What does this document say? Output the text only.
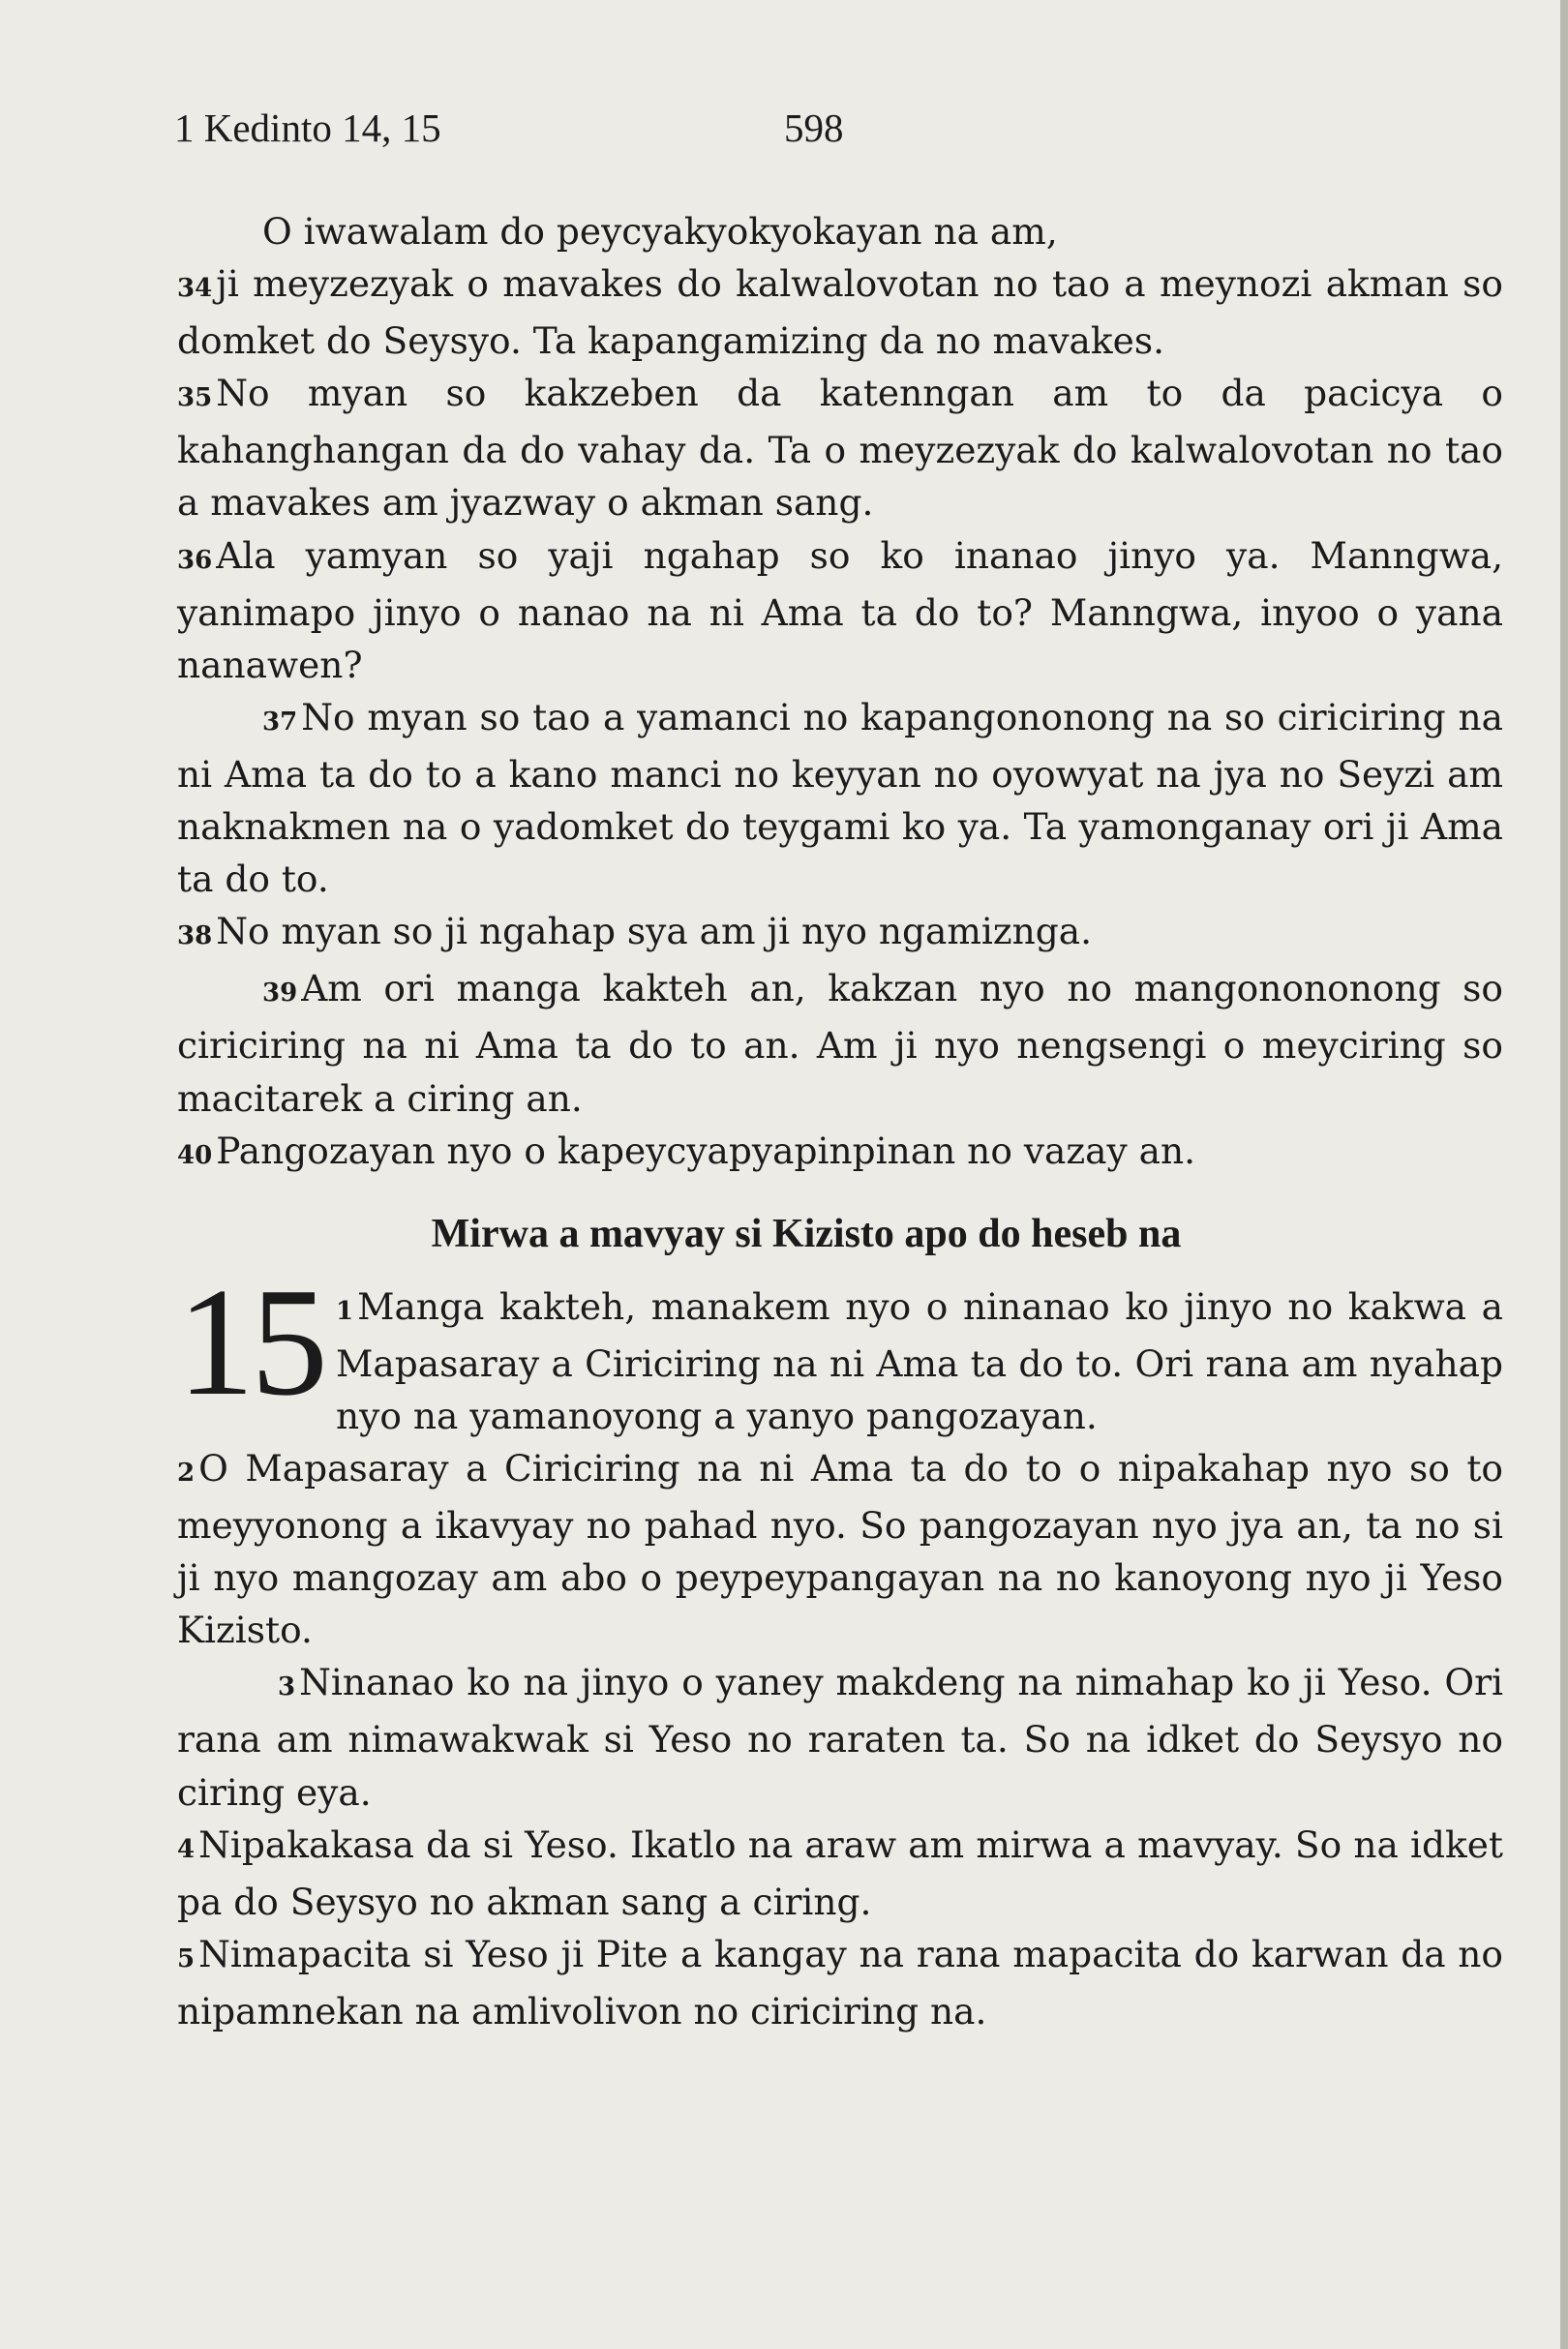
1 Kedinto 14, 15	598

O iwawalam do peycyakyokyokayan na am,

34 ji meyzezyak o mavakes do kalwalovotan no tao a meynozi akman so domket do Seysyo. Ta kapangamizing da no mavakes.

35 No myan so kakzeben da katenngan am to da pacicya o kahanghangan da do vahay da. Ta o meyzezyak do kalwalovotan no tao a mavakes am jyazway o akman sang.

36 Ala yamyan so yaji ngahap so ko inanao jinyo ya. Manngwa, yanimapo jinyo o nanao na ni Ama ta do to? Manngwa, inyoo o yana nanawen?

37 No myan so tao a yamanci no kapangononong na so ciriciring na ni Ama ta do to a kano manci no keyyan no oyowyat na jya no Seyzi am naknakmen na o yadomket do teygami ko ya. Ta yamonganay ori ji Ama ta do to.

38 No myan so ji ngahap sya am ji nyo ngamiznga.

39 Am ori manga kakteh an, kakzan nyo no mangonononong so ciriciring na ni Ama ta do to an. Am ji nyo nengsengi o meyciring so macitarek a ciring an.

40 Pangozayan nyo o kapeycyapyapinpinan no vazay an.

Mirwa a mavyay si Kizisto apo do heseb na

15 1 Manga kakteh, manakem nyo o ninanao ko jinyo no kakwa a Mapasaray a Ciriciring na ni Ama ta do to. Ori rana am nyahap nyo na yamanoyong a yanyo pangozayan.

2 O Mapasaray a Ciriciring na ni Ama ta do to o nipakahap nyo so to meyyonong a ikavyay no pahad nyo. So pangozayan nyo jya an, ta no si ji nyo mangozay am abo o peypeypangayan na no kanoyong nyo ji Yeso Kizisto.

3 Ninanao ko na jinyo o yaney makdeng na nimahap ko ji Yeso. Ori rana am nimawakwak si Yeso no raraten ta. So na idket do Seysyo no ciring eya.

4 Nipakakasa da si Yeso. Ikatlo na araw am mirwa a mavyay. So na idket pa do Seysyo no akman sang a ciring.

5 Nimapacita si Yeso ji Pite a kangay na rana mapacita do karwan da no nipamnekan na amlivolivon no ciriciring na.
